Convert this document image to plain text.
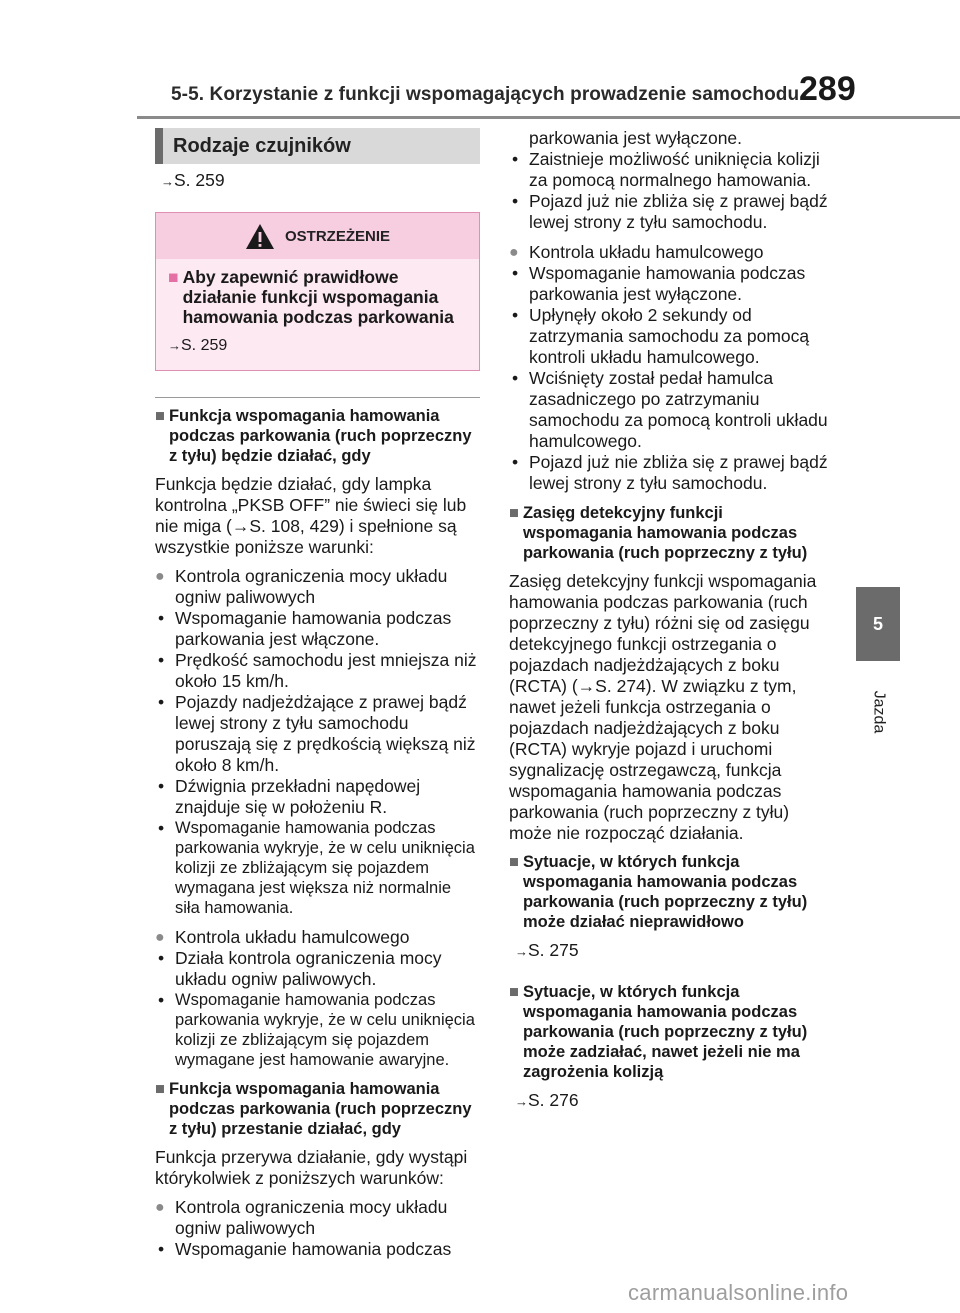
5-5. Korzystanie z funkcji wspomagających prowadzenie samochodu 289
5
Jazda
Rodzaje czujników
→S. 259
OSTRZEŻENIE
■ Aby zapewnić prawidłowe działanie funkcji wspomagania hamowania podczas parkowania
→S. 259
■ Funkcja wspomagania hamowania podczas parkowania (ruch poprzeczny z tyłu) będzie działać, gdy
Funkcja będzie działać, gdy lampka kontrolna „PKSB OFF” nie świeci się lub nie miga (→S. 108, 429) i spełnione są wszystkie poniższe warunki:
● Kontrola ograniczenia mocy układu ogniw paliwowych
• Wspomaganie hamowania podczas parkowania jest włączone.
• Prędkość samochodu jest mniejsza niż około 15 km/h.
• Pojazdy nadjeżdżające z prawej bądź lewej strony z tyłu samochodu poruszają się z prędkością większą niż około 8 km/h.
• Dźwignia przekładni napędowej znajduje się w położeniu R.
• Wspomaganie hamowania podczas parkowania wykryje, że w celu uniknięcia kolizji ze zbliżającym się pojazdem wymagana jest większa niż normalnie siła hamowania.
● Kontrola układu hamulcowego
• Działa kontrola ograniczenia mocy układu ogniw paliwowych.
• Wspomaganie hamowania podczas parkowania wykryje, że w celu uniknięcia kolizji ze zbliżającym się pojazdem wymagane jest hamowanie awaryjne.
■ Funkcja wspomagania hamowania podczas parkowania (ruch poprzeczny z tyłu) przestanie działać, gdy
Funkcja przerywa działanie, gdy wystąpi którykolwiek z poniższych warunków:
● Kontrola ograniczenia mocy układu ogniw paliwowych
• Wspomaganie hamowania podczas
parkowania jest wyłączone.
• Zaistnieje możliwość uniknięcia kolizji za pomocą normalnego hamowania.
• Pojazd już nie zbliża się z prawej bądź lewej strony z tyłu samochodu.
● Kontrola układu hamulcowego
• Wspomaganie hamowania podczas parkowania jest wyłączone.
• Upłynęły około 2 sekundy od zatrzymania samochodu za pomocą kontroli układu hamulcowego.
• Wciśnięty został pedał hamulca zasadniczego po zatrzymaniu samochodu za pomocą kontroli układu hamulcowego.
• Pojazd już nie zbliża się z prawej bądź lewej strony z tyłu samochodu.
■ Zasięg detekcyjny funkcji wspomagania hamowania podczas parkowania (ruch poprzeczny z tyłu)
Zasięg detekcyjny funkcji wspomagania hamowania podczas parkowania (ruch poprzeczny z tyłu) różni się od zasięgu detekcyjnego funkcji ostrzegania o pojazdach nadjeżdżających z boku (RCTA) (→S. 274). W związku z tym, nawet jeżeli funkcja ostrzegania o pojazdach nadjeżdżających z boku (RCTA) wykryje pojazd i uruchomi sygnalizację ostrzegawczą, funkcja wspomagania hamowania podczas parkowania (ruch poprzeczny z tyłu) może nie rozpocząć działania.
■ Sytuacje, w których funkcja wspomagania hamowania podczas parkowania (ruch poprzeczny z tyłu) może działać nieprawidłowo
→S. 275
■ Sytuacje, w których funkcja wspomagania hamowania podczas parkowania (ruch poprzeczny z tyłu) może zadziałać, nawet jeżeli nie ma zagrożenia kolizją
→S. 276
carmanualsonline.info
